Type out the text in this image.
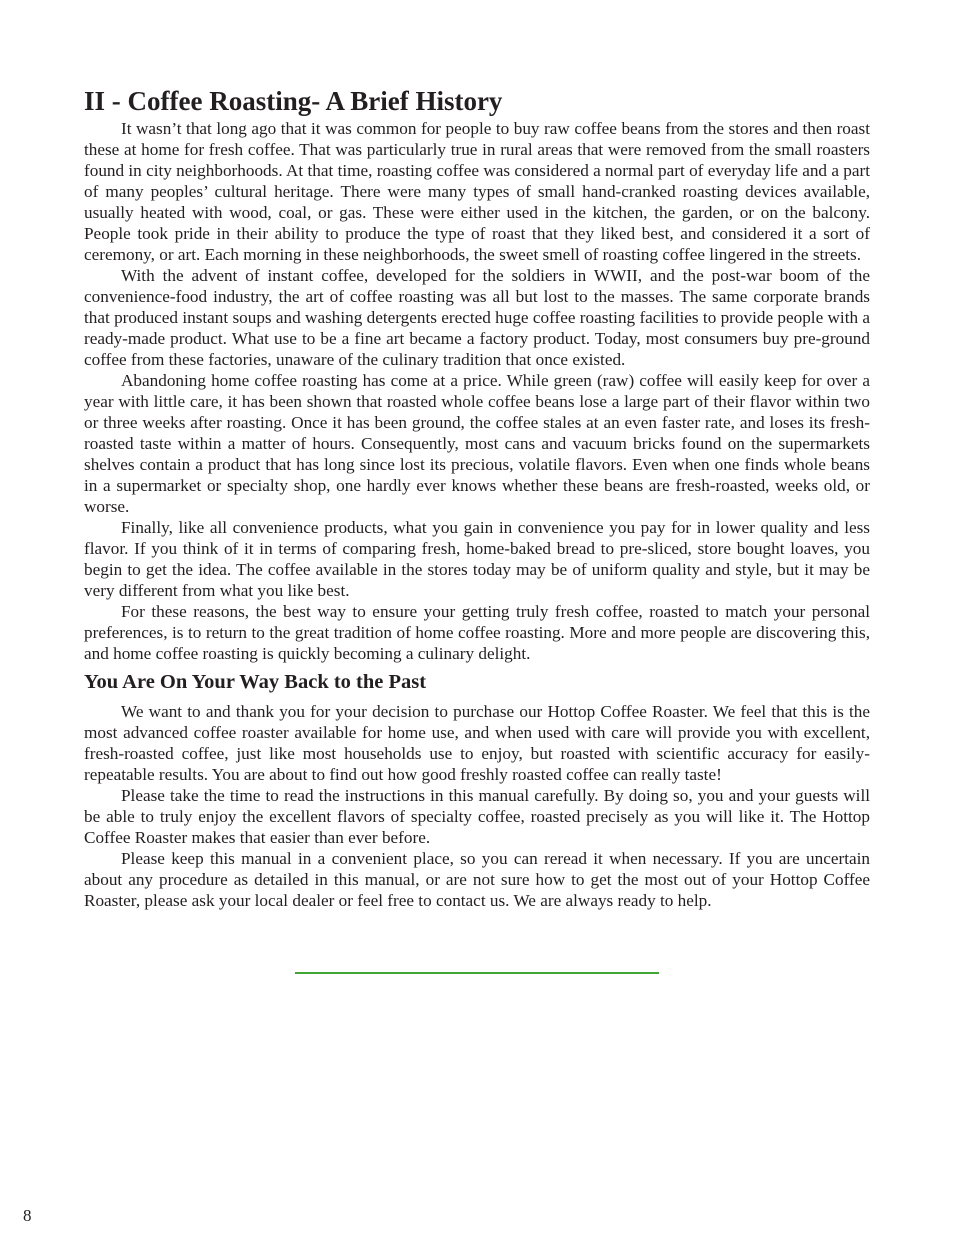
II - Coffee Roasting- A Brief History

It wasn’t that long ago that it was common for people to buy raw coffee beans from the stores and then roast these at home for fresh coffee. That was particularly true in rural areas that were removed from the small roasters found in city neighborhoods. At that time, roasting coffee was considered a normal part of everyday life and a part of many peoples’ cultural heritage. There were many types of small hand-cranked roasting devices available, usually heated with wood, coal, or gas. These were either used in the kitchen, the garden, or on the balcony. People took pride in their ability to produce the type of roast that they liked best, and considered it a sort of ceremony, or art. Each morning in these neighborhoods, the sweet smell of roasting coffee lingered in the streets.

With the advent of instant coffee, developed for the soldiers in WWII, and the post-war boom of the convenience-food industry, the art of coffee roasting was all but lost to the masses. The same corporate brands that produced instant soups and washing detergents erected huge coffee roasting facilities to provide people with a ready-made product. What use to be a fine art became a factory product. Today, most consumers buy pre-ground coffee from these factories, unaware of the culinary tradition that once existed.

Abandoning home coffee roasting has come at a price. While green (raw) coffee will easily keep for over a year with little care, it has been shown that roasted whole coffee beans lose a large part of their flavor within two or three weeks after roasting. Once it has been ground, the coffee stales at an even faster rate, and loses its fresh-roasted taste within a matter of hours. Consequently, most cans and vacuum bricks found on the supermarkets shelves contain a product that has long since lost its precious, volatile flavors. Even when one finds whole beans in a supermarket or specialty shop, one hardly ever knows whether these beans are fresh-roasted, weeks old, or worse.

Finally, like all convenience products, what you gain in convenience you pay for in lower quality and less flavor. If you think of it in terms of comparing fresh, home-baked bread to pre-sliced, store bought loaves, you begin to get the idea. The coffee available in the stores today may be of uniform quality and style, but it may be very different from what you like best.

For these reasons, the best way to ensure your getting truly fresh coffee, roasted to match your personal preferences, is to return to the great tradition of home coffee roasting. More and more people are discovering this, and home coffee roasting is quickly becoming a culinary delight.

You Are On Your Way Back to the Past

We want to and thank you for your decision to purchase our Hottop Coffee Roaster. We feel that this is the most advanced coffee roaster available for home use, and when used with care will provide you with excellent, fresh-roasted coffee, just like most households use to enjoy, but roasted with scientific accuracy for easily-repeatable results. You are about to find out how good freshly roasted coffee can really taste!

Please take the time to read the instructions in this manual carefully. By doing so, you and your guests will be able to truly enjoy the excellent flavors of specialty coffee, roasted precisely as you will like it. The Hottop Coffee Roaster makes that easier than ever before.

Please keep this manual in a convenient place, so you can reread it when necessary. If you are uncertain about any procedure as detailed in this manual, or are not sure how to get the most out of your Hottop Coffee Roaster, please ask your local dealer or feel free to contact us. We are always ready to help.

8
